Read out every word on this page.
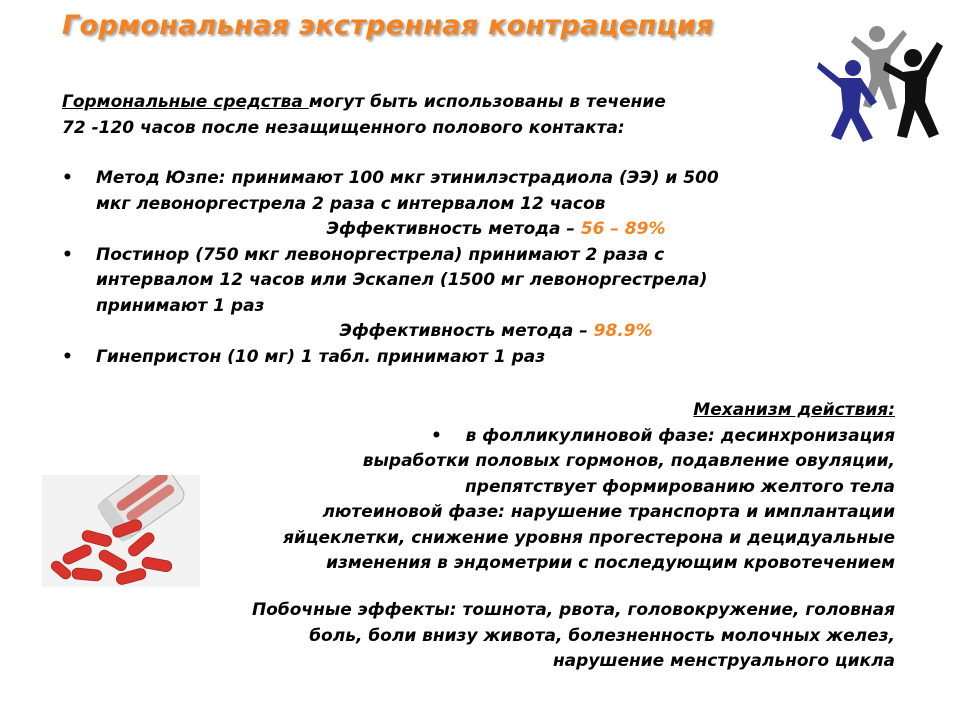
Гормональная экстренная контрацепция
Гормональные средства могут быть использованы в течение
72 -120 часов после незащищенного полового контакта:
• Метод Юзпе: принимают 100 мкг этинилэстрадиола (ЭЭ) и 500
мкг левоноргестрела 2 раза с интервалом 12 часов

Эффективность метода – 56 – 89%
• Постинор (750 мкг левоноргестрела) принимают 2 раза с
интервалом 12 часов или Эскапел (1500 мг левоноргестрела)
принимают 1 раз

Эффективность метода – 98.9%
• Гинепристон (10 мг) 1 табл. принимают 1 раз
Механизм действия:
• в фолликулиновой фазе: десинхронизация
выработки половых гормонов, подавление овуляции,
препятствует формированию желтого тела
лютеиновой фазе: нарушение транспорта и имплантации
яйцеклетки, снижение уровня прогестерона и децидуальные
изменения в эндометрии с последующим кровотечением
Побочные эффекты: тошнота, рвота, головокружение, головная
боль, боли внизу живота, болезненность молочных желез,
нарушение менструального цикла
